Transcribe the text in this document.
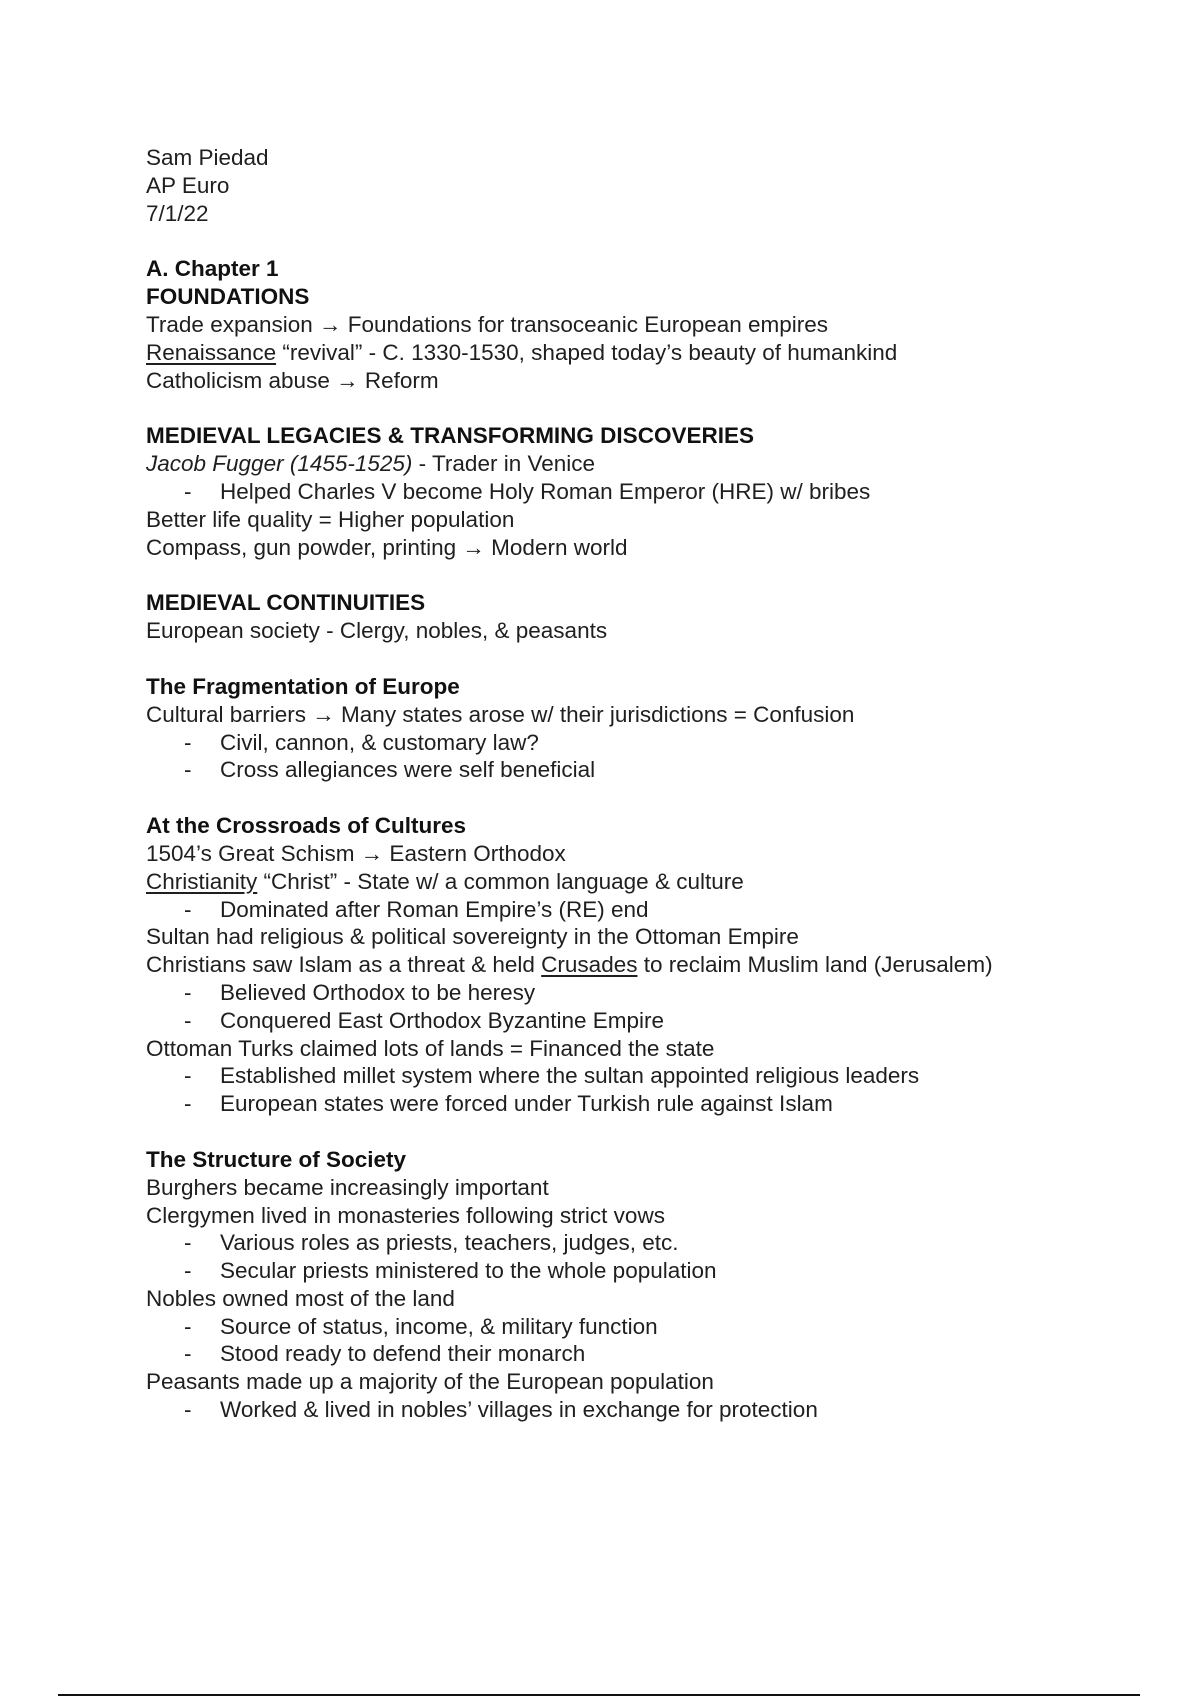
Sam Piedad
AP Euro
7/1/22
A. Chapter 1
FOUNDATIONS
Trade expansion → Foundations for transoceanic European empires
Renaissance “revival” - C. 1330-1530, shaped today’s beauty of humankind
Catholicism abuse → Reform
MEDIEVAL LEGACIES & TRANSFORMING DISCOVERIES
Jacob Fugger (1455-1525) - Trader in Venice
- Helped Charles V become Holy Roman Emperor (HRE) w/ bribes
Better life quality = Higher population
Compass, gun powder, printing → Modern world
MEDIEVAL CONTINUITIES
European society - Clergy, nobles, & peasants
The Fragmentation of Europe
Cultural barriers → Many states arose w/ their jurisdictions = Confusion
- Civil, cannon, & customary law?
- Cross allegiances were self beneficial
At the Crossroads of Cultures
1504’s Great Schism → Eastern Orthodox
Christianity “Christ” - State w/ a common language & culture
- Dominated after Roman Empire’s (RE) end
Sultan had religious & political sovereignty in the Ottoman Empire
Christians saw Islam as a threat & held Crusades to reclaim Muslim land (Jerusalem)
- Believed Orthodox to be heresy
- Conquered East Orthodox Byzantine Empire
Ottoman Turks claimed lots of lands = Financed the state
- Established millet system where the sultan appointed religious leaders
- European states were forced under Turkish rule against Islam
The Structure of Society
Burghers became increasingly important
Clergymen lived in monasteries following strict vows
- Various roles as priests, teachers, judges, etc.
- Secular priests ministered to the whole population
Nobles owned most of the land
- Source of status, income, & military function
- Stood ready to defend their monarch
Peasants made up a majority of the European population
- Worked & lived in nobles’ villages in exchange for protection
